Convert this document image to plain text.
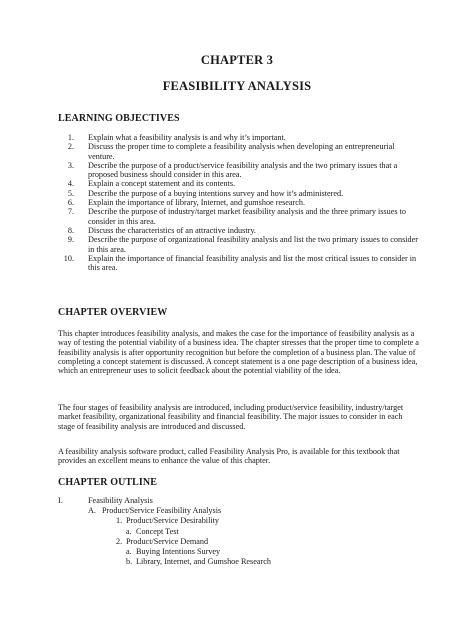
CHAPTER 3
FEASIBILITY ANALYSIS
LEARNING OBJECTIVES
1. Explain what a feasibility analysis is and why it’s important.
2. Discuss the proper time to complete a feasibility analysis when developing an entrepreneurial venture.
3. Describe the purpose of a product/service feasibility analysis and the two primary issues that a proposed business should consider in this area.
4. Explain a concept statement and its contents.
5. Describe the purpose of a buying intentions survey and how it’s administered.
6. Explain the importance of library, Internet, and gumshoe research.
7. Describe the purpose of industry/target market feasibility analysis and the three primary issues to consider in this area.
8. Discuss the characteristics of an attractive industry.
9. Describe the purpose of organizational feasibility analysis and list the two primary issues to consider in this area.
10. Explain the importance of financial feasibility analysis and list the most critical issues to consider in this area.
CHAPTER OVERVIEW
This chapter introduces feasibility analysis, and makes the case for the importance of feasibility analysis as a way of testing the potential viability of a business idea. The chapter stresses that the proper time to complete a feasibility analysis is after opportunity recognition but before the completion of a business plan. The value of completing a concept statement is discussed. A concept statement is a one page description of a business idea, which an entrepreneur uses to solicit feedback about the potential viability of the idea.
The four stages of feasibility analysis are introduced, including product/service feasibility, industry/target market feasibility, organizational feasibility and financial feasibility. The major issues to consider in each stage of feasibility analysis are introduced and discussed.
A feasibility analysis software product, called Feasibility Analysis Pro, is available for this textbook that provides an excellent means to enhance the value of this chapter.
CHAPTER OUTLINE
I.	Feasibility Analysis
A. Product/Service Feasibility Analysis
1. Product/Service Desirability
a. Concept Test
2. Product/Service Demand
a. Buying Intentions Survey
b. Library, Internet, and Gumshoe Research
